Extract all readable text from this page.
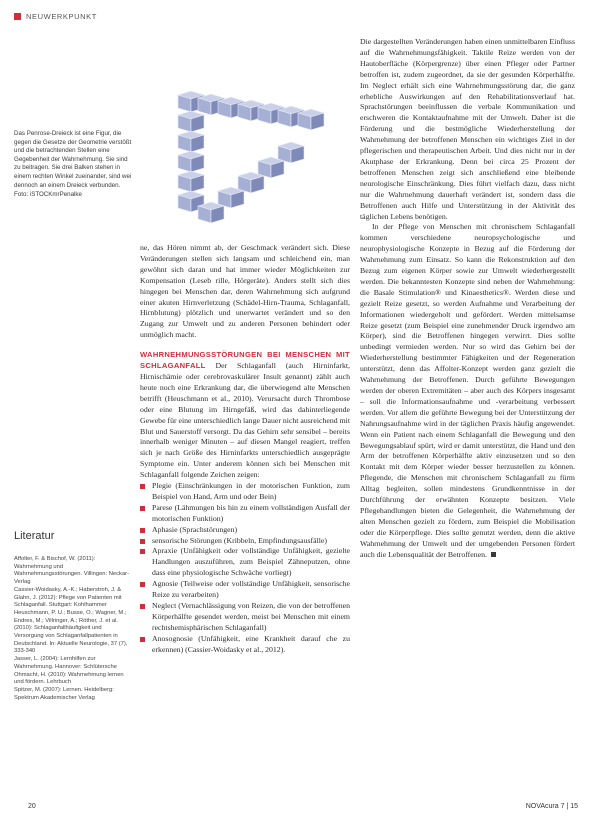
NEUWERKPUNKT
Das Penrose-Dreieck ist eine Figur, die gegen die Gesetze der Geometrie verstößt und die betrachtenden Stellen eine Gegebenheit der Wahrnehmung. Sie sind zu beitragen. Sie drei Balken stehen in einem rechten Winkel zueinander, sind wei dennoch an einem Dreieck verbunden.
Foto: iSTOCKmrPenalke

ne, das Hören nimmt ab, der Geschmack verändert sich. Diese Veränderungen stellen sich langsam und schleichend ein, man gewöhnt sich daran und hat immer wieder Möglichkeiten zur Kompensation (Leseb rille, Hörgeräte). Anders stellt sich dies hingegen bei Menschen dar, deren Wahrnehmung sich aufgrund einer akuten Hirnverletzung (Schädel-Hirn-Trauma, Schlaganfall, Hirnblutung) plötzlich und unerwartet verändert und so den Zugang zur Umwelt und zu anderen Personen behindert oder unmöglich macht.

WAHRNEHMUNGSSTÖRUNGEN BEI MENSCHEN MIT SCHLAGANFALL Der Schlaganfall (auch Hirninfarkt, Hirnischämie oder cerebrovaskulärer Insult genannt) zählt auch heute noch eine Erkrankung dar, die überwiegend alte Menschen betrifft (Heuschmann et al., 2010). Verursacht durch Thrombose oder eine Blutung im Hirngefäß, wird das dahinterliegende Gewebe für eine unterschiedlich lange Dauer nicht ausreichend mit Blut und Sauerstoff versorgt. Da das Gehirn sehr sensibel – bereits innerhalb weniger Minuten – auf diesen Mangel reagiert, treffen sich je nach Größe des Hirninfarkts unterschiedlich ausgeprägte Symptome ein. Unter anderem können sich bei Menschen mit Schlaganfall folgende Zeichen zeigen:

Plegie (Einschränkungen in der motorischen Funktion, zum Beispiel von Hand, Arm und oder Bein)
Parese (Lähmungen bis hin zu einem vollständigen Ausfall der motorischen Funktion)
Aphasie (Sprachstörungen)
sensorische Störungen (Kribbeln, Empfindungsausfälle)
Apraxie (Unfähigkeit oder vollständige Unfähigkeit, gezielte Handlungen auszuführen, zum Beispiel Zähneputzen, ohne dass eine physiologische Schwäche vorliegt)
Agnosie (Teilweise oder vollständige Unfähigkeit, sensorische Reize zu verarbeiten)
Neglect (Vernachlässigung von Reizen, die von der betroffenen Körperhälfte gesendet werden, meist bei Menschen mit einem rechtshemisphärischen Schlaganfall)
Anosognosie (Unfähigkeit, eine Krankheit darauf che zu erkennen) (Cassier-Woidasky et al., 2012).

Die dargestellten Veränderungen haben einen unmittelbaren Einfluss auf die Wahrnehmungsfähigkeit. Taktile Reize werden von der Hautoberfläche (Körpergrenze) über einen Pfleger oder Partner betroffen ist, zudem zugeordnet, da sie der gesunden Körperhälfte. Im Neglect erhält sich eine Wahrnehmungsstörung dar, die ganz erhebliche Auswirkungen auf den Rehabilitationsverlauf hat. Sprachstörungen beeinflussen die verbale Kommunikation und erschweren die Kontaktaufnahme mit der Umwelt. Daher ist die Förderung und die bestmögliche Wiederherstellung der Wahrnehmung der betroffenen Menschen ein wichtiges Ziel in der pflegerischen und therapeutischen Arbeit. Und dies nicht nur in der Akutphase der Erkrankung. Denn bei circa 25 Prozent der betroffenen Menschen zeigt sich anschließend eine bleibende neurologische Einschränkung. Dies führt vielfach dazu, dass nicht nur die Wahrnehmung dauerhaft verändert ist, sondern dass die Betroffenen auch Hilfe und Unterstützung in der Aktivität des täglichen Lebens benötigen.

In der Pflege von Menschen mit chronischem Schlaganfall kommen verschiedene neuropsychologische und neurophysiologische Konzepte in Bezug auf die Förderung der Wahrnehmung zum Einsatz. So kann die Rekonstruktion auf den Bezug zum eigenen Körper sowie zur Umwelt wiederhergestellt werden. Die bekanntesten Konzepte sind neben der Wahrnehmung: die Basale Stimulation® und Kinaesthetics®. Werden diese und gezielt Reize gesetzt, so werden Aufnahme und Verarbeitung der Informationen wiedergeholt und gefördert. Werden mittelsamse Reize gesetzt (zum Beispiel eine zunehmender Druck irgendwo am Körper), sind die Betroffenen hingegen verwirrt. Dies sollte unbedingt vermieden werden. Nur so wird das Gehirn bei der Wiederherstellung bestimmter Fähigkeiten und der Regeneration unterstützt, denn das Affolter-Konzept werden ganz gezielt die Wahrnehmung der Betroffenen. Durch geführte Bewegungen werden der oberen Extremitäten – aber auch des Körpers insgesamt – soll die Informationsaufnahme und -verarbeitung verbessert werden. Vor allem die geführte Bewegung bei der Unterstützung der Nahrungsaufnahme wird in der täglichen Praxis häufig angewendet. Wenn ein Patient nach einem Schlaganfall die Bewegung und den Bewegungsablauf spürt, wird er damit unterstützt, die Hand und den Arm der betroffenen Körperhälfte aktiv einzusetzen und so den Kontakt mit dem Körper wieder besser herzustellen zu können. Pflegende, die Menschen mit chronischem Schlaganfall zu fürm Alltag begleiten, sollen mindestens Grundkenntnisse in der Durchführung der erwähnten Konzepte besitzen. Viele Pflegehandlungen bieten die Gelegenheit, die Wahrnehmung der alten Menschen gezielt zu fördern, zum Beispiel die Mobilisation oder die Körperpflege. Dies sollte genutzt werden, denn die aktive Wahrnehmung der Umwelt und der umgebenden Personen fördert auch die Lebensqualität der Betroffenen.

Literatur

Affolter, F. & Bischof, W. (2011): Wahrnehmung und Wahrnehmungsstörungen. Villingen: Neckar-Verlag

Cassier-Woidasky, A.-K.; Haberstroh, J. & Glahn, J. (2012): Pflege von Patienten mit Schlaganfall. Stuttgart: Kohlhammer

Heuschmann, P. U.; Busse, O.; Wagner, M.; Endres, M.; Villringer, A.; Röther, J. et al. (2010): Schlaganfallhäufigkeit und Versorgung von Schlaganfallpatienten in Deutschland. In: Aktuelle Neurologie, 37 (7), 333-340

Jasser, L. (2004): Lernhilfen zur Wahrnehmung. Hannover: Schlütersche

Ohmacht, H. (2010): Wahrnehmung lernen und fördern. Lehrbuch

Spitzer, M. (2007): Lernen. Heidelberg: Spektrum Akademischer Verlag

20	NOVAcura 7 | 15
